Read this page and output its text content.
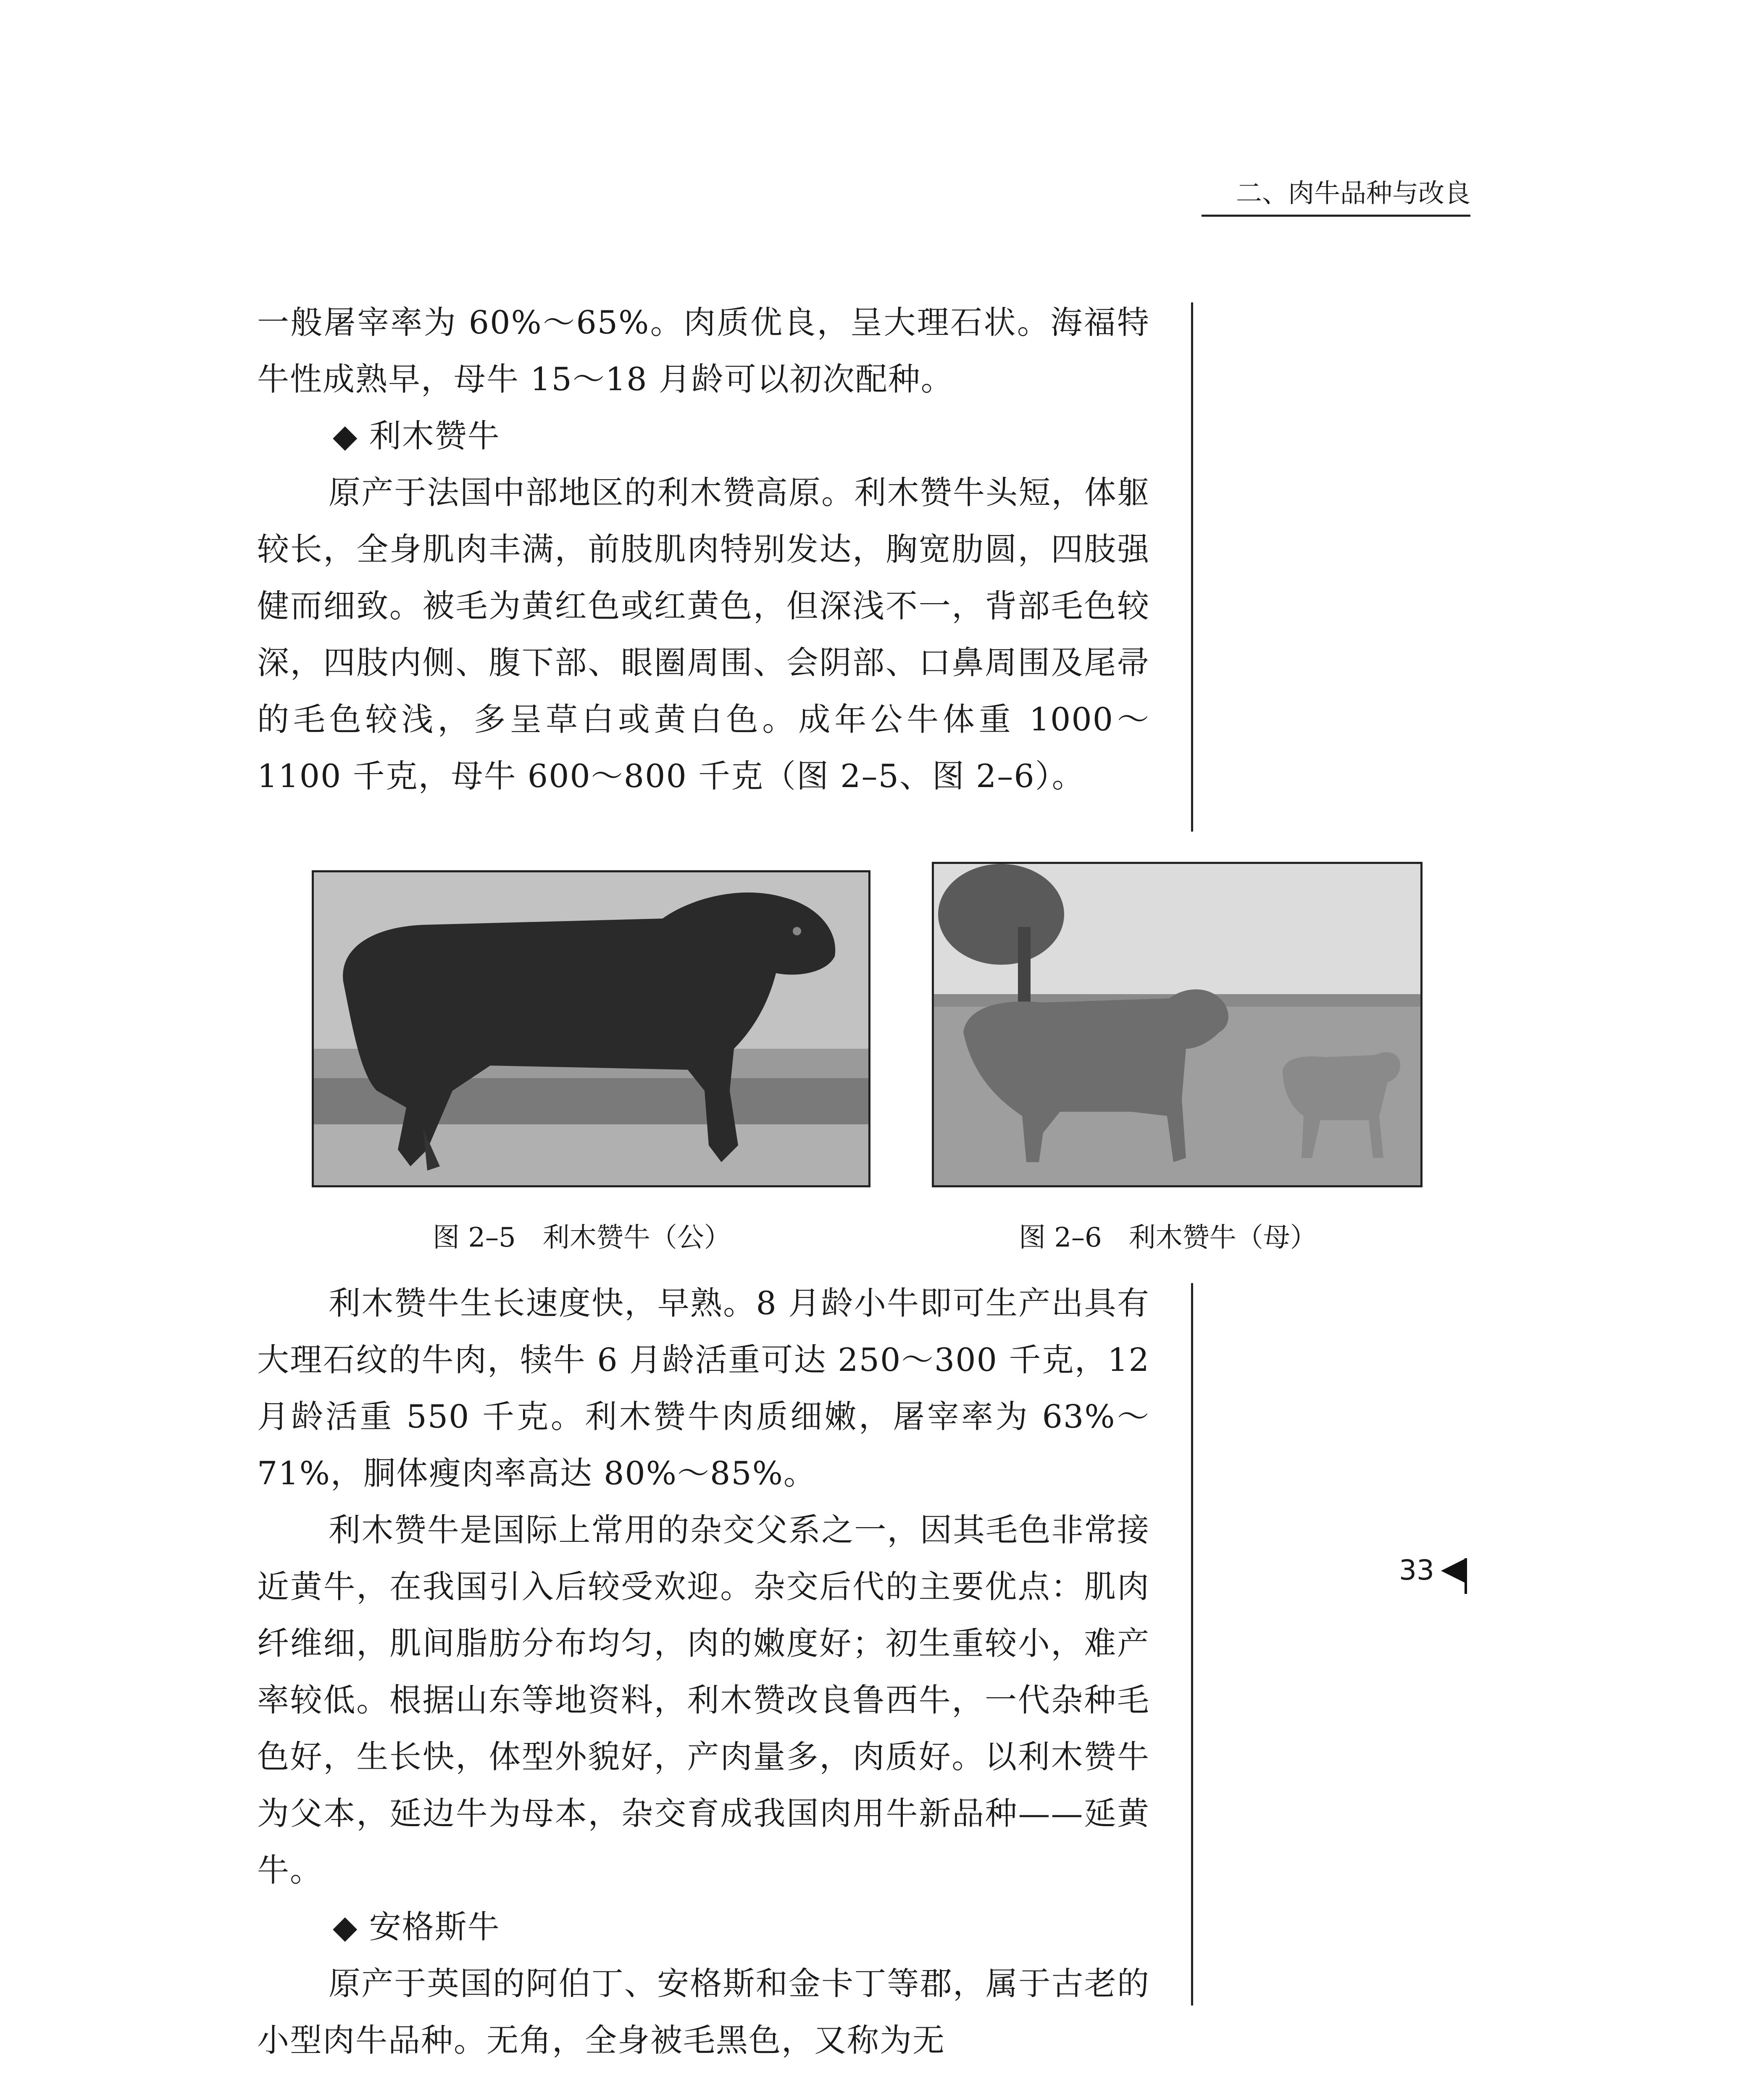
二、肉牛品种与改良

一般屠宰率为 60%～65%。肉质优良，呈大理石状。海福特牛性成熟早，母牛 15～18 月龄可以初次配种。

◆ 利木赞牛

原产于法国中部地区的利木赞高原。利木赞牛头短，体躯较长，全身肌肉丰满，前肢肌肉特别发达，胸宽肋圆，四肢强健而细致。被毛为黄红色或红黄色，但深浅不一，背部毛色较深，四肢内侧、腹下部、眼圈周围、会阴部、口鼻周围及尾帚的毛色较浅，多呈草白或黄白色。成年公牛体重 1000～1100 千克，母牛 600～800 千克（图 2–5、图 2–6）。

图 2–5　利木赞牛（公）	图 2–6　利木赞牛（母）

利木赞牛生长速度快，早熟。8 月龄小牛即可生产出具有大理石纹的牛肉，犊牛 6 月龄活重可达 250～300 千克，12 月龄活重 550 千克。利木赞牛肉质细嫩，屠宰率为 63%～71%，胴体瘦肉率高达 80%～85%。

利木赞牛是国际上常用的杂交父系之一，因其毛色非常接近黄牛，在我国引入后较受欢迎。杂交后代的主要优点：肌肉纤维细，肌间脂肪分布均匀，肉的嫩度好；初生重较小，难产率较低。根据山东等地资料，利木赞改良鲁西牛，一代杂种毛色好，生长快，体型外貌好，产肉量多，肉质好。以利木赞牛为父本，延边牛为母本，杂交育成我国肉用牛新品种——延黄牛。

◆ 安格斯牛

原产于英国的阿伯丁、安格斯和金卡丁等郡，属于古老的小型肉牛品种。无角，全身被毛黑色，又称为无

33
